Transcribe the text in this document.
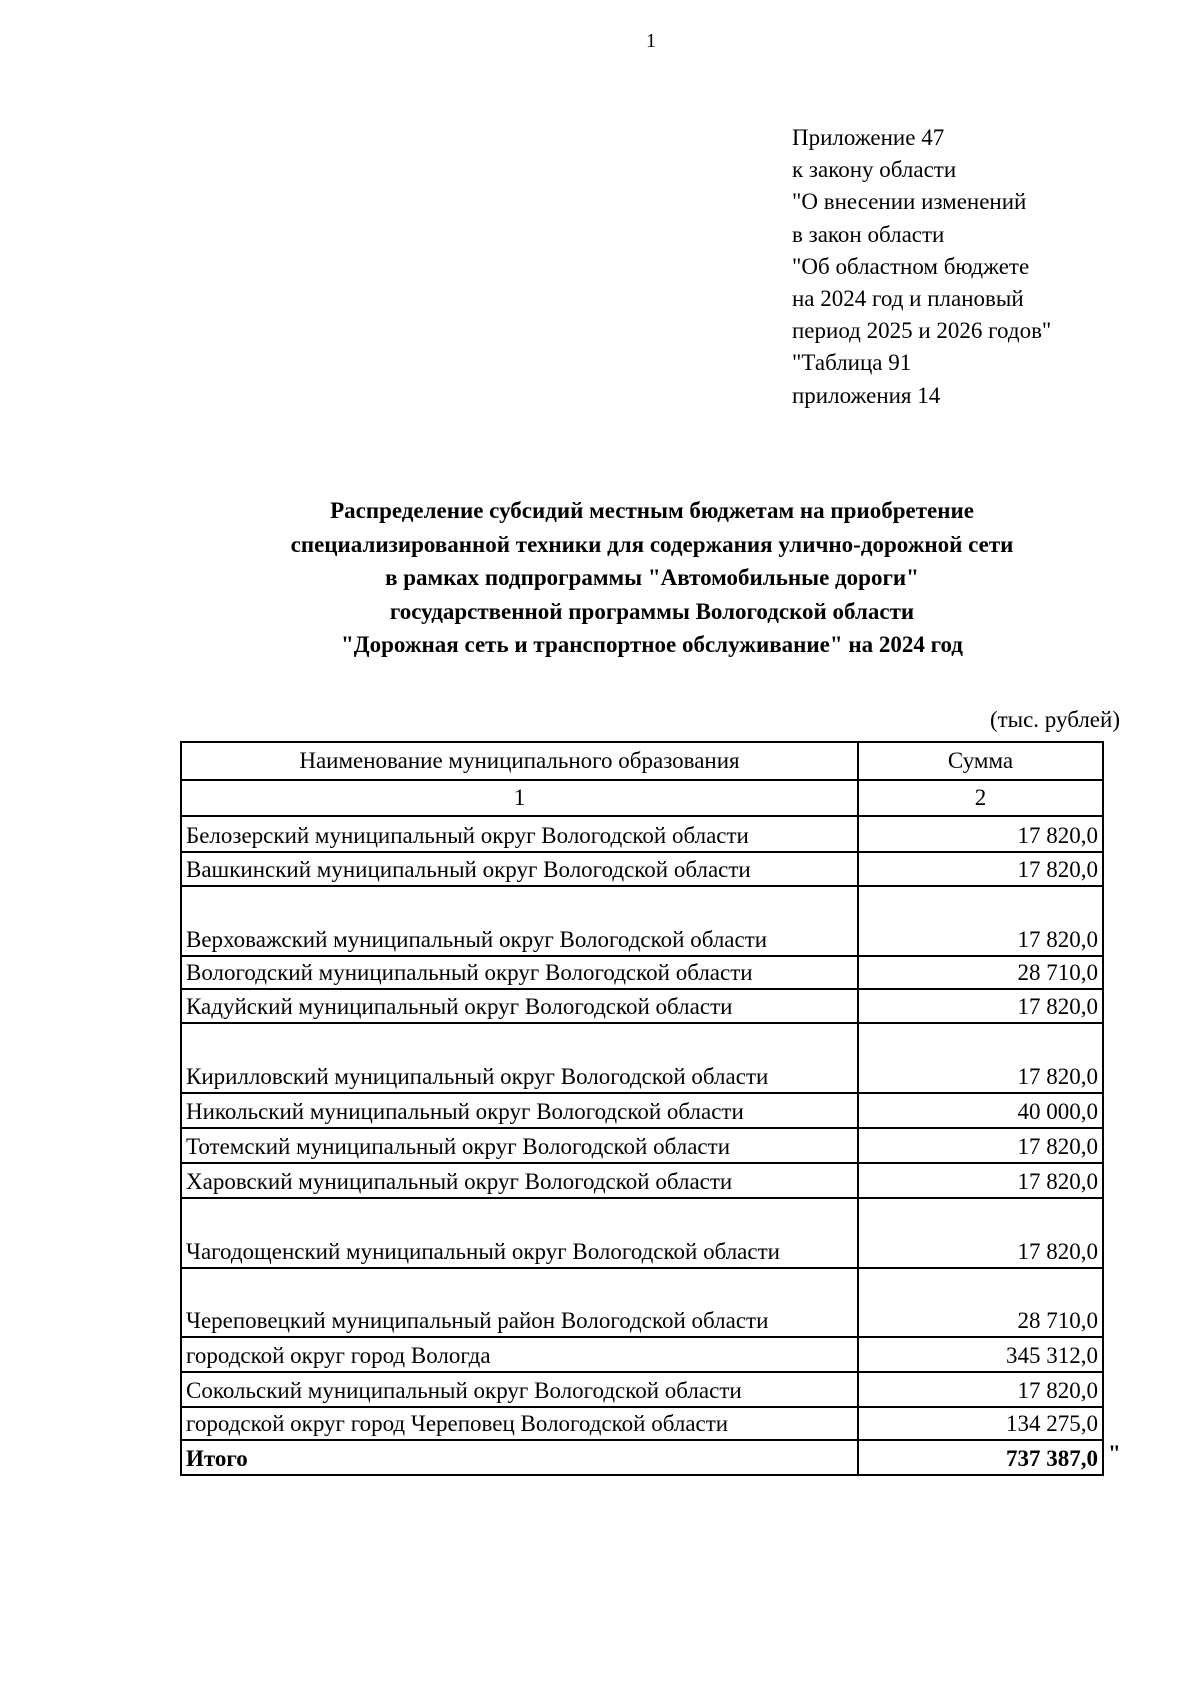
1
Приложение 47
к закону области
"О внесении изменений
в закон области
"Об областном бюджете
на 2024 год и плановый
период 2025 и 2026 годов"
"Таблица 91
приложения 14
Распределение субсидий местным бюджетам на приобретение
специализированной техники для содержания улично-дорожной сети
в рамках подпрограммы "Автомобильные дороги"
государственной программы Вологодской области
"Дорожная сеть и транспортное обслуживание" на 2024 год
(тыс. рублей)
Наименование муниципального образования	Сумма
1	2
Белозерский муниципальный округ Вологодской области	17 820,0
Вашкинский муниципальный округ Вологодской области	17 820,0
Верховажский муниципальный округ Вологодской области	17 820,0
Вологодский муниципальный округ Вологодской области	28 710,0
Кадуйский муниципальный округ Вологодской области	17 820,0
Кирилловский муниципальный округ Вологодской области	17 820,0
Никольский муниципальный округ Вологодской области	40 000,0
Тотемский муниципальный округ Вологодской области	17 820,0
Харовский муниципальный округ Вологодской области	17 820,0
Чагодощенский муниципальный округ Вологодской области	17 820,0
Череповецкий муниципальный район Вологодской области	28 710,0
городской округ город Вологда	345 312,0
Сокольский муниципальный округ Вологодской области	17 820,0
городской округ город Череповец Вологодской области	134 275,0
Итого	737 387,0 "
